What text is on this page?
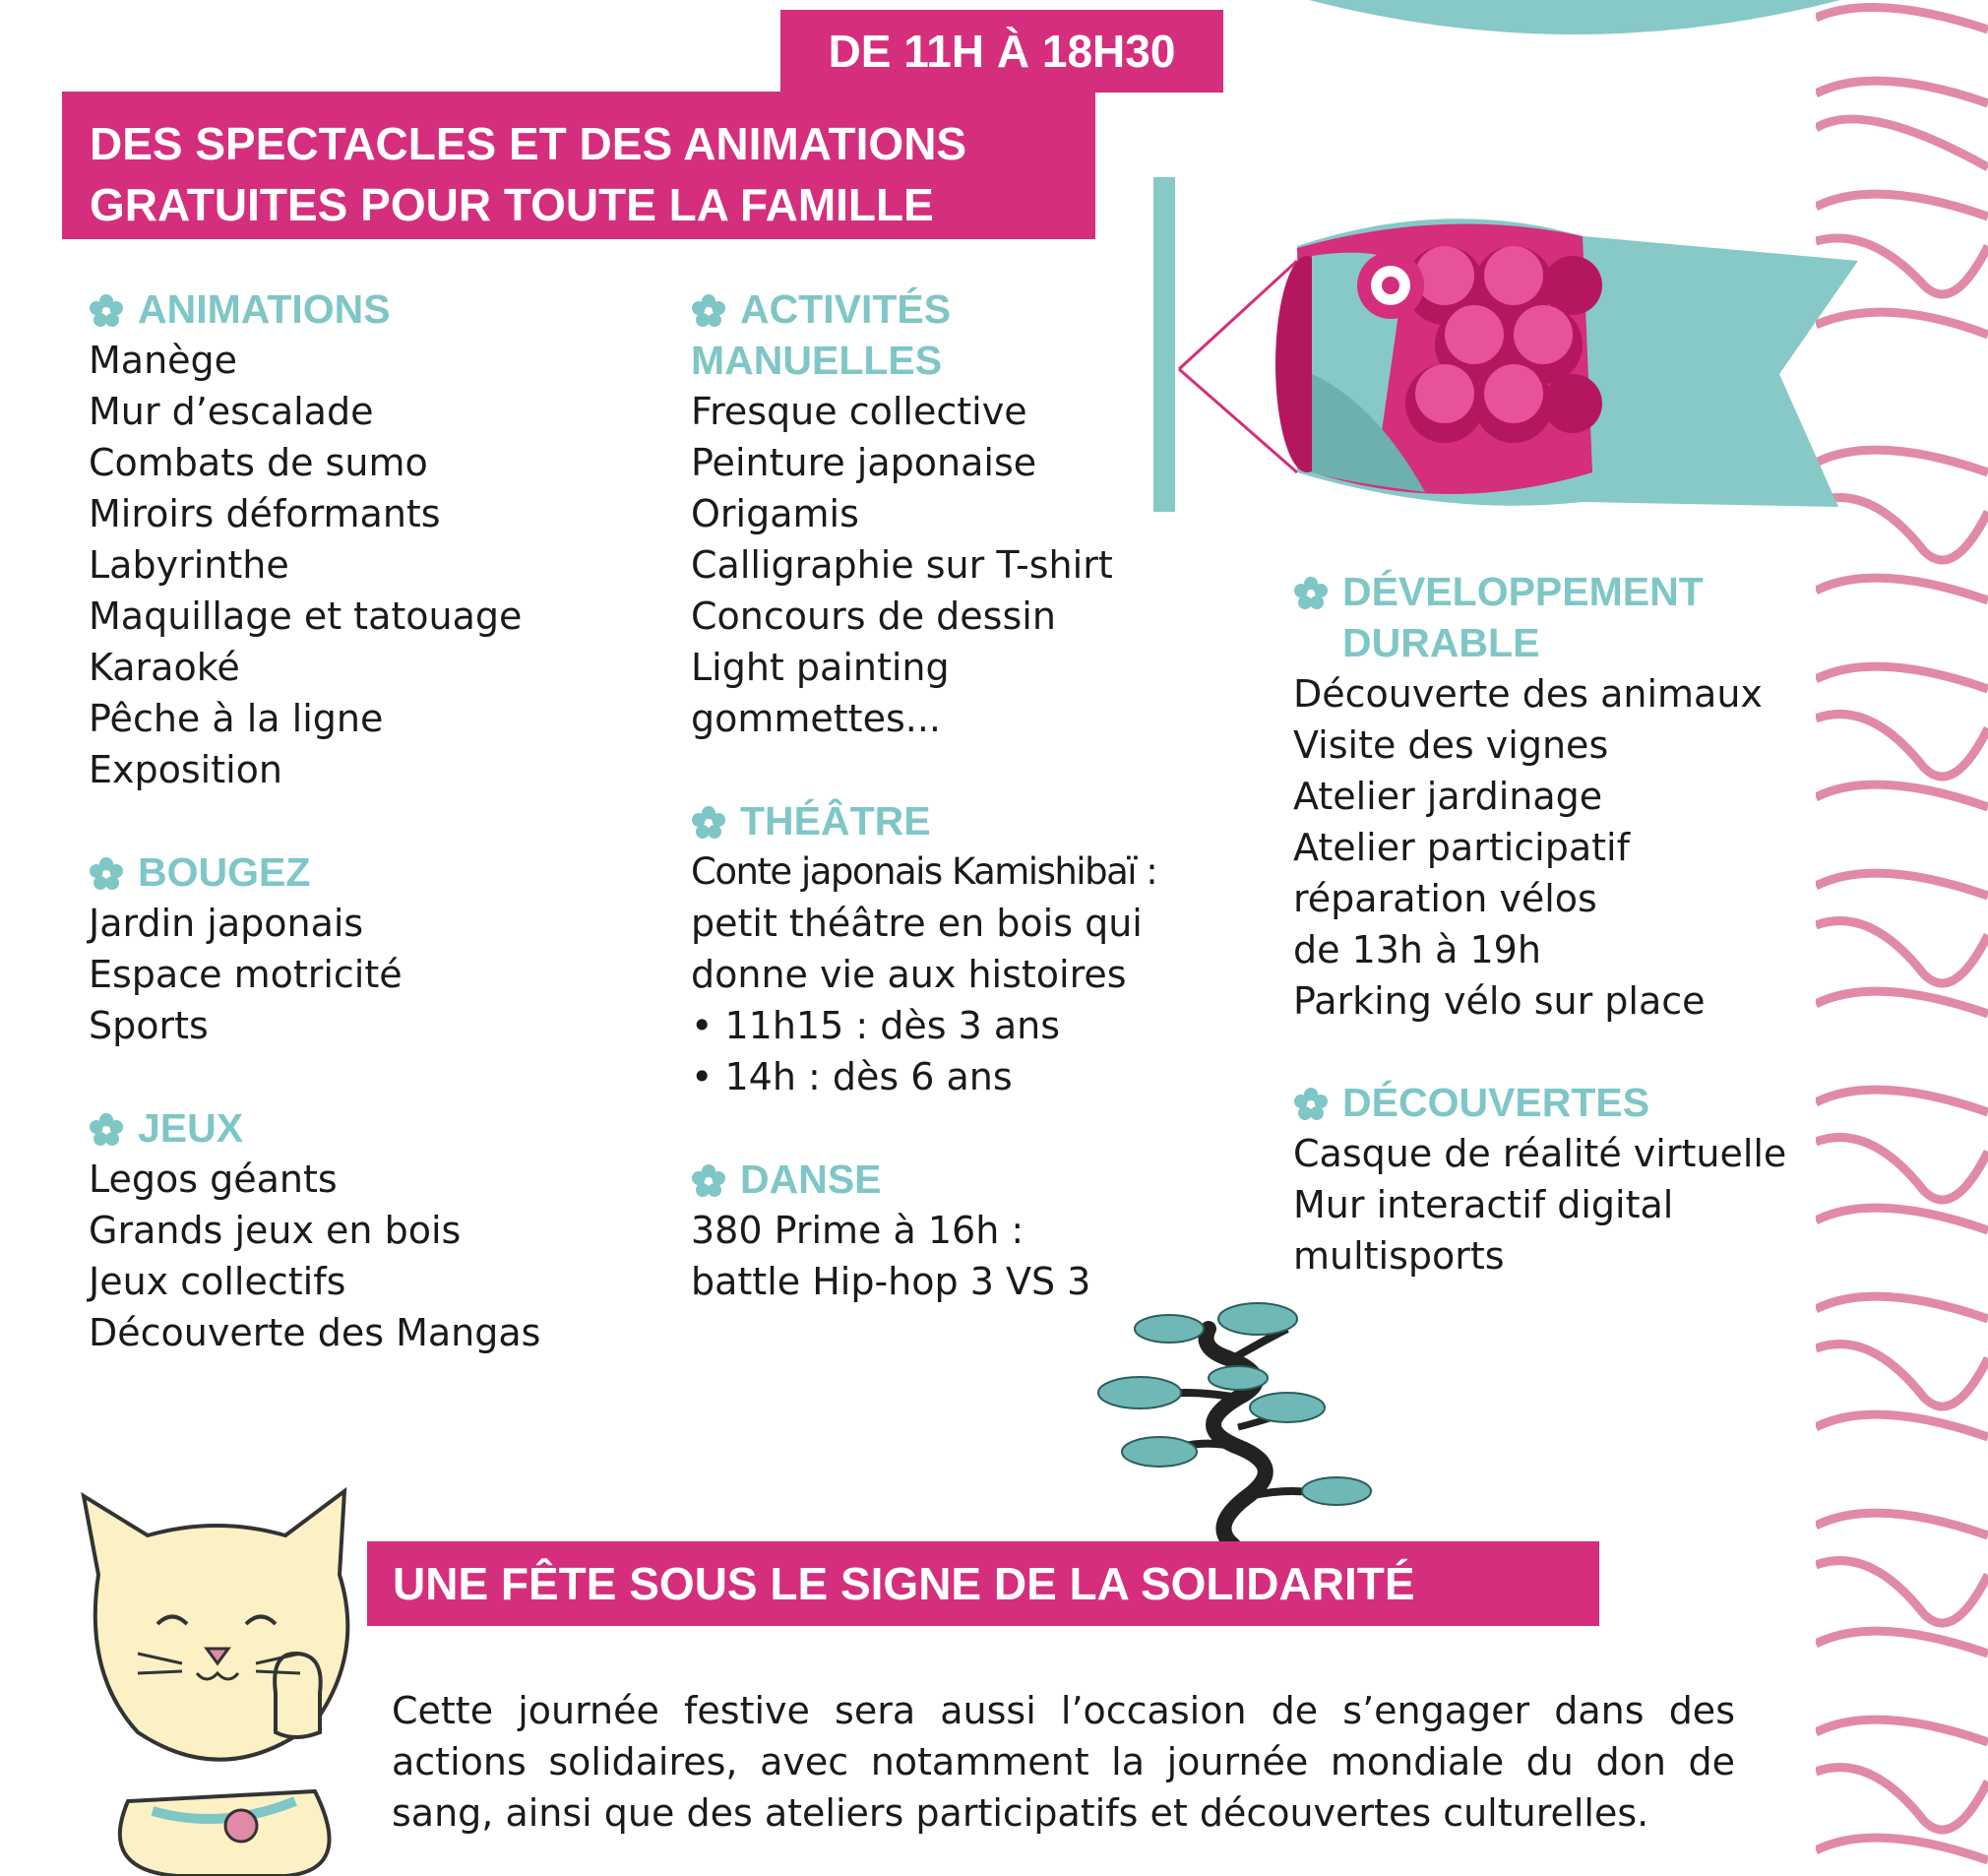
DE 11H À 18H30
DES SPECTACLES ET DES ANIMATIONS
GRATUITES POUR TOUTE LA FAMILLE
ANIMATIONS
Manège
Mur d’escalade
Combats de sumo
Miroirs déformants
Labyrinthe
Maquillage et tatouage
Karaoké
Pêche à la ligne
Exposition
BOUGEZ
Jardin japonais
Espace motricité
Sports
JEUX
Legos géants
Grands jeux en bois
Jeux collectifs
Découverte des Mangas
ACTIVITÉS
MANUELLES
Fresque collective
Peinture japonaise
Origamis
Calligraphie sur T-shirt
Concours de dessin
Light painting
gommettes...
THÉÂTRE
Conte japonais Kamishibaï :
petit théâtre en bois qui
donne vie aux histoires
• 11h15 : dès 3 ans
• 14h : dès 6 ans
DANSE
380 Prime à 16h :
battle Hip-hop 3 VS 3
DÉVELOPPEMENT
DURABLE
Découverte des animaux
Visite des vignes
Atelier jardinage
Atelier participatif
réparation vélos
de 13h à 19h
Parking vélo sur place
DÉCOUVERTES
Casque de réalité virtuelle
Mur interactif digital
multisports
UNE FÊTE SOUS LE SIGNE DE LA SOLIDARITÉ

Cette journée festive sera aussi l’occasion de s’engager dans des actions solidaires, avec notamment la journée mondiale du don de sang, ainsi que des ateliers participatifs et découvertes culturelles.
